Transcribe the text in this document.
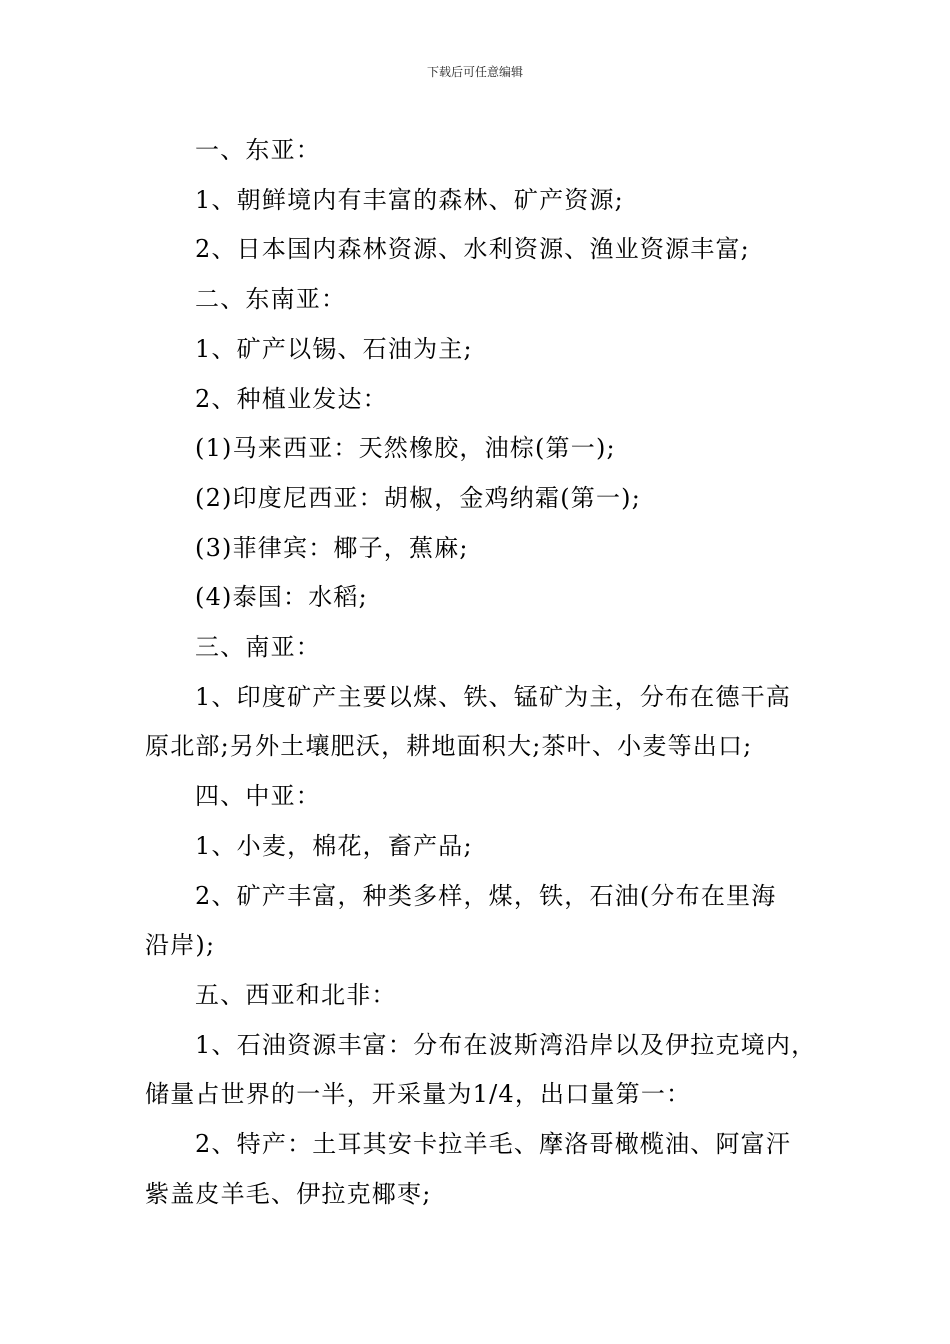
下载后可任意编辑

一、东亚：

1、朝鲜境内有丰富的森林、矿产资源;

2、日本国内森林资源、水利资源、渔业资源丰富;

二、东南亚：

1、矿产以锡、石油为主;

2、种植业发达：

(1)马来西亚：天然橡胶，油棕(第一);

(2)印度尼西亚：胡椒，金鸡纳霜(第一);

(3)菲律宾：椰子，蕉麻;

(4)泰国：水稻;

三、南亚：

1、印度矿产主要以煤、铁、锰矿为主，分布在德干高
原北部;另外土壤肥沃，耕地面积大;茶叶、小麦等出口;

四、中亚：

1、小麦，棉花，畜产品;

2、矿产丰富，种类多样，煤，铁，石油(分布在里海
沿岸);

五、西亚和北非：

1、石油资源丰富：分布在波斯湾沿岸以及伊拉克境内，
储量占世界的一半，开采量为1/4，出口量第一：

2、特产：土耳其安卡拉羊毛、摩洛哥橄榄油、阿富汗
紫盖皮羊毛、伊拉克椰枣;
